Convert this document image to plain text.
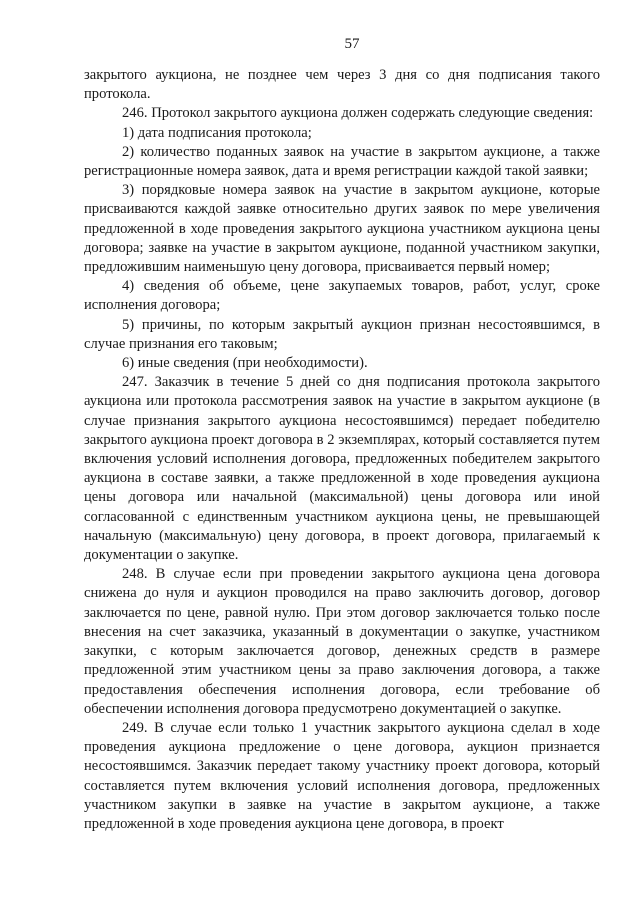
57

закрытого аукциона, не позднее чем через 3 дня со дня подписания такого протокола.

246. Протокол закрытого аукциона должен содержать следующие сведения:

1) дата подписания протокола;

2) количество поданных заявок на участие в закрытом аукционе, а также регистрационные номера заявок, дата и время регистрации каждой такой заявки;

3) порядковые номера заявок на участие в закрытом аукционе, которые присваиваются каждой заявке относительно других заявок по мере увеличения предложенной в ходе проведения закрытого аукциона участником аукциона цены договора; заявке на участие в закрытом аукционе, поданной участником закупки, предложившим наименьшую цену договора, присваивается первый номер;

4) сведения об объеме, цене закупаемых товаров, работ, услуг, сроке исполнения договора;

5) причины, по которым закрытый аукцион признан несостоявшимся, в случае признания его таковым;

6) иные сведения (при необходимости).

247. Заказчик в течение 5 дней со дня подписания протокола закрытого аукциона или протокола рассмотрения заявок на участие в закрытом аукционе (в случае признания закрытого аукциона несостоявшимся) передает победителю закрытого аукциона проект договора в 2 экземплярах, который составляется путем включения условий исполнения договора, предложенных победителем закрытого аукциона в составе заявки, а также предложенной в ходе проведения аукциона цены договора или начальной (максимальной) цены договора или иной согласованной с единственным участником аукциона цены, не превышающей начальную (максимальную) цену договора, в проект договора, прилагаемый к документации о закупке.

248. В случае если при проведении закрытого аукциона цена договора снижена до нуля и аукцион проводился на право заключить договор, договор заключается по цене, равной нулю. При этом договор заключается только после внесения на счет заказчика, указанный в документации о закупке, участником закупки, с которым заключается договор, денежных средств в размере предложенной этим участником цены за право заключения договора, а также предоставления обеспечения исполнения договора, если требование об обеспечении исполнения договора предусмотрено документацией о закупке.

249. В случае если только 1 участник закрытого аукциона сделал в ходе проведения аукциона предложение о цене договора, аукцион признается несостоявшимся. Заказчик передает такому участнику проект договора, который составляется путем включения условий исполнения договора, предложенных участником закупки в заявке на участие в закрытом аукционе, а также предложенной в ходе проведения аукциона цене договора, в проект
